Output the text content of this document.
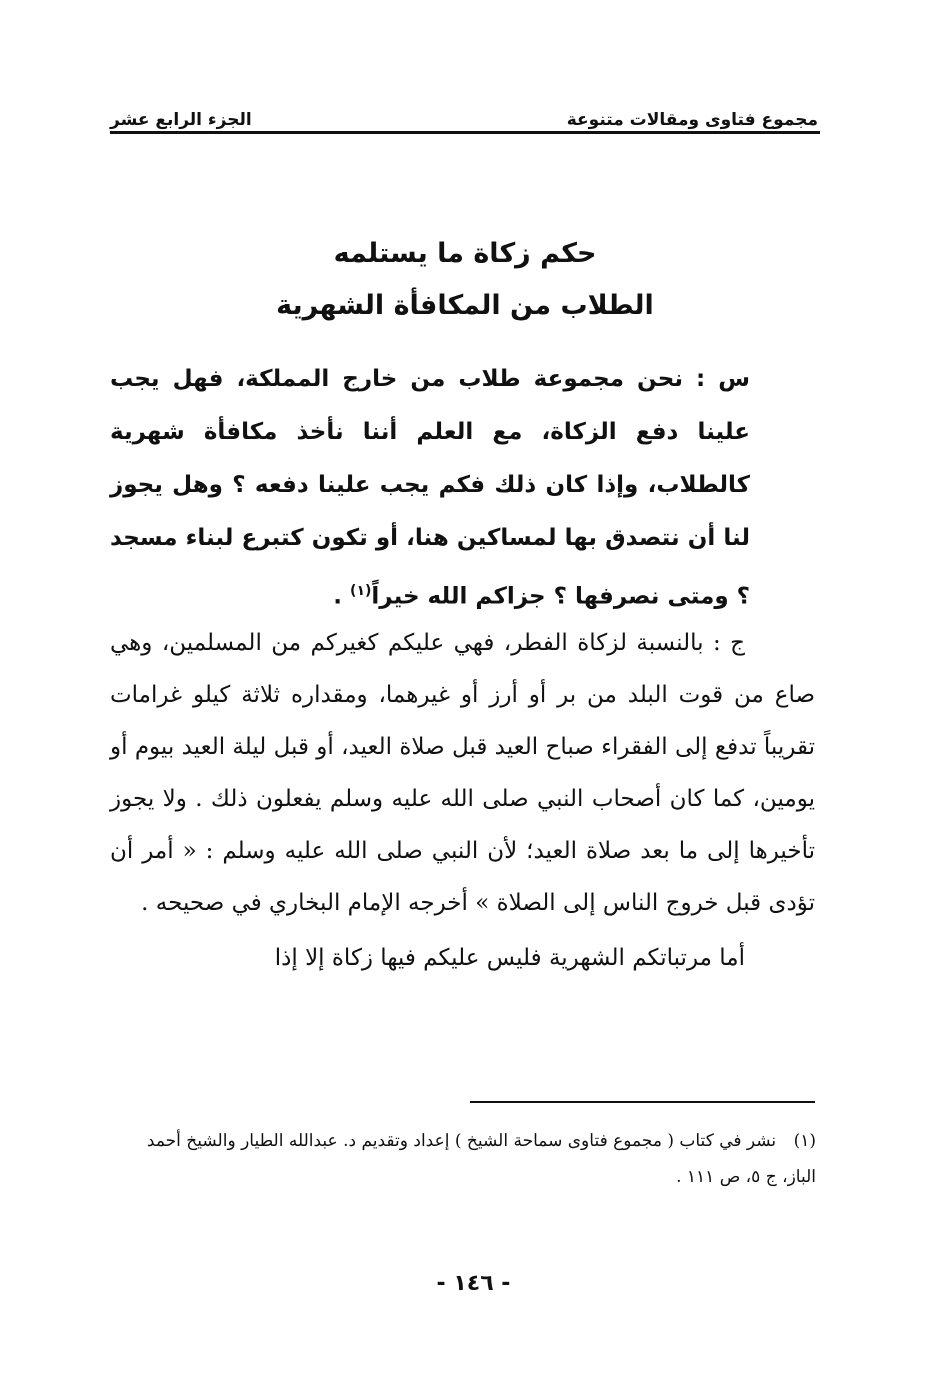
مجموع فتاوى ومقالات متنوعة
الجزء الرابع عشر
حكم زكاة ما يستلمه
الطلاب من المكافأة الشهرية
س : نحن مجموعة طلاب من خارج المملكة، فهل يجب علينا دفع الزكاة، مع العلم أننا نأخذ مكافأة شهرية كالطلاب، وإذا كان ذلك فكم يجب علينا دفعه ؟ وهل يجوز لنا أن نتصدق بها لمساكين هنا، أو تكون كتبرع لبناء مسجد ؟ ومتى نصرفها ؟ جزاكم الله خيراً$^{(١)}$ .

ج : بالنسبة لزكاة الفطر، فهي عليكم كغيركم من المسلمين، وهي صاع من قوت البلد من بر أو أرز أو غيرهما، ومقداره ثلاثة كيلو غرامات تقريباً تدفع إلى الفقراء صباح العيد قبل صلاة العيد، أو قبل ليلة العيد بيوم أو يومين، كما كان أصحاب النبي صلى الله عليه وسلم يفعلون ذلك . ولا يجوز تأخيرها إلى ما بعد صلاة العيد؛ لأن النبي صلى الله عليه وسلم : « أمر أن تؤدى قبل خروج الناس إلى الصلاة » أخرجه الإمام البخاري في صحيحه .

أما مرتباتكم الشهرية فليس عليكم فيها زكاة إلا إذا

(١) نشر في كتاب ( مجموع فتاوى سماحة الشيخ ) إعداد وتقديم د. عبدالله الطيار والشيخ أحمد الباز، ج ٥، ص ١١١ .
- ١٤٦ -
